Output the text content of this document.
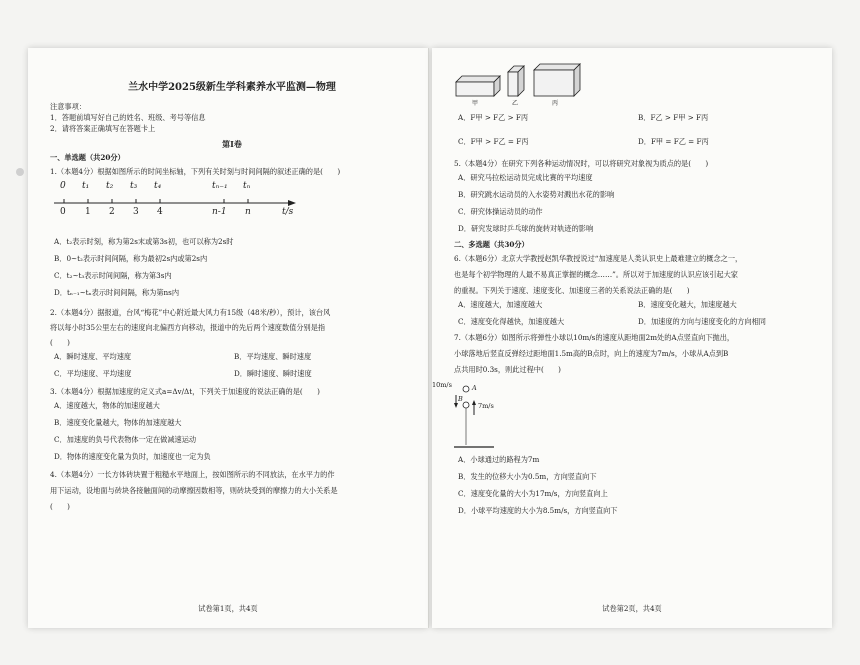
兰水中学2025级新生学科素养水平监测—物理

注意事项：

1．答题前填写好自己的姓名、班级、考号等信息

2．请将答案正确填写在答题卡上

第Ⅰ卷
一、单选题（共20分）

1.（本题4分）根据如图所示的时间坐标轴，下列有关时刻与时间间隔的叙述正确的是(　　)

0 t₁ t₂ t₃ t₄	tₙ₋₁ tₙ
0 1 2 3 4	n-1 n	t/s
A．t₂表示时刻，称为第2s末或第3s初，也可以称为2s时
B．0~t₂表示时间间隔，称为最初2s内或第2s内
C．t₂~t₃表示时间间隔，称为第3s内
D．tₙ₋₁~tₙ表示时间间隔，称为第ns内

2.（本题4分）据报道，台风“梅花”中心附近最大风力有15级（48米/秒），预计，该台风

将以每小时35公里左右的速度向北偏西方向移动，报道中的先后两个速度数值分别是指

(　　)

A．瞬时速度、平均速度	B．平均速度、瞬时速度
C．平均速度、平均速度	D．瞬时速度、瞬时速度

3.（本题4分）根据加速度的定义式a=Δv/Δt，下列关于加速度的说法正确的是(　　)

A．速度越大，物体的加速度越大
B．速度变化量越大，物体的加速度越大
C．加速度的负号代表物体一定在做减速运动
D．物体的速度变化量为负时，加速度也一定为负

4.（本题4分）一长方体砖块置于粗糙水平地面上，按如图所示的不同放法，在水平力的作

用下运动，设地面与砖块各接触面间的动摩擦因数相等，则砖块受到的摩擦力的大小关系是

(　　)

试卷第1页，共4页
甲	乙	丙
A．F甲 > F乙 > F丙	B．F乙 > F甲 > F丙
C．F甲 > F乙 = F丙	D．F甲 = F乙 = F丙

5.（本题4分）在研究下列各种运动情况时，可以将研究对象视为质点的是(　　)

A．研究马拉松运动员完成比赛的平均速度
B．研究跳水运动员的入水姿势对溅出水花的影响
C．研究体操运动员的动作
D．研究发球时乒乓球的旋转对轨迹的影响
二、多选题（共30分）

6.（本题6分）北京大学教授赵凯华教授说过“加速度是人类认识史上最难建立的概念之一，

也是每个初学物理的人最不易真正掌握的概念……”。所以对于加速度的认识应该引起大家

的重视。下列关于速度、速度变化、加速度三者的关系说法正确的是(　　)

A．速度越大，加速度越大	B．速度变化越大，加速度越大
C．速度变化得越快，加速度越大	D．加速度的方向与速度变化的方向相同

7.（本题6分）如图所示将弹性小球以10m/s的速度从距地面2m处的A点竖直向下抛出，

小球落地后竖直反弹经过距地面1.5m高的B点时，向上的速度为7m/s，小球从A点到B

点共用时0.3s，则此过程中(　　)

10m/s	A
B
7m/s
A．小球通过的路程为7m
B．发生的位移大小为0.5m，方向竖直向下
C．速度变化量的大小为17m/s，方向竖直向上
D．小球平均速度的大小为8.5m/s，方向竖直向下
试卷第2页，共4页
